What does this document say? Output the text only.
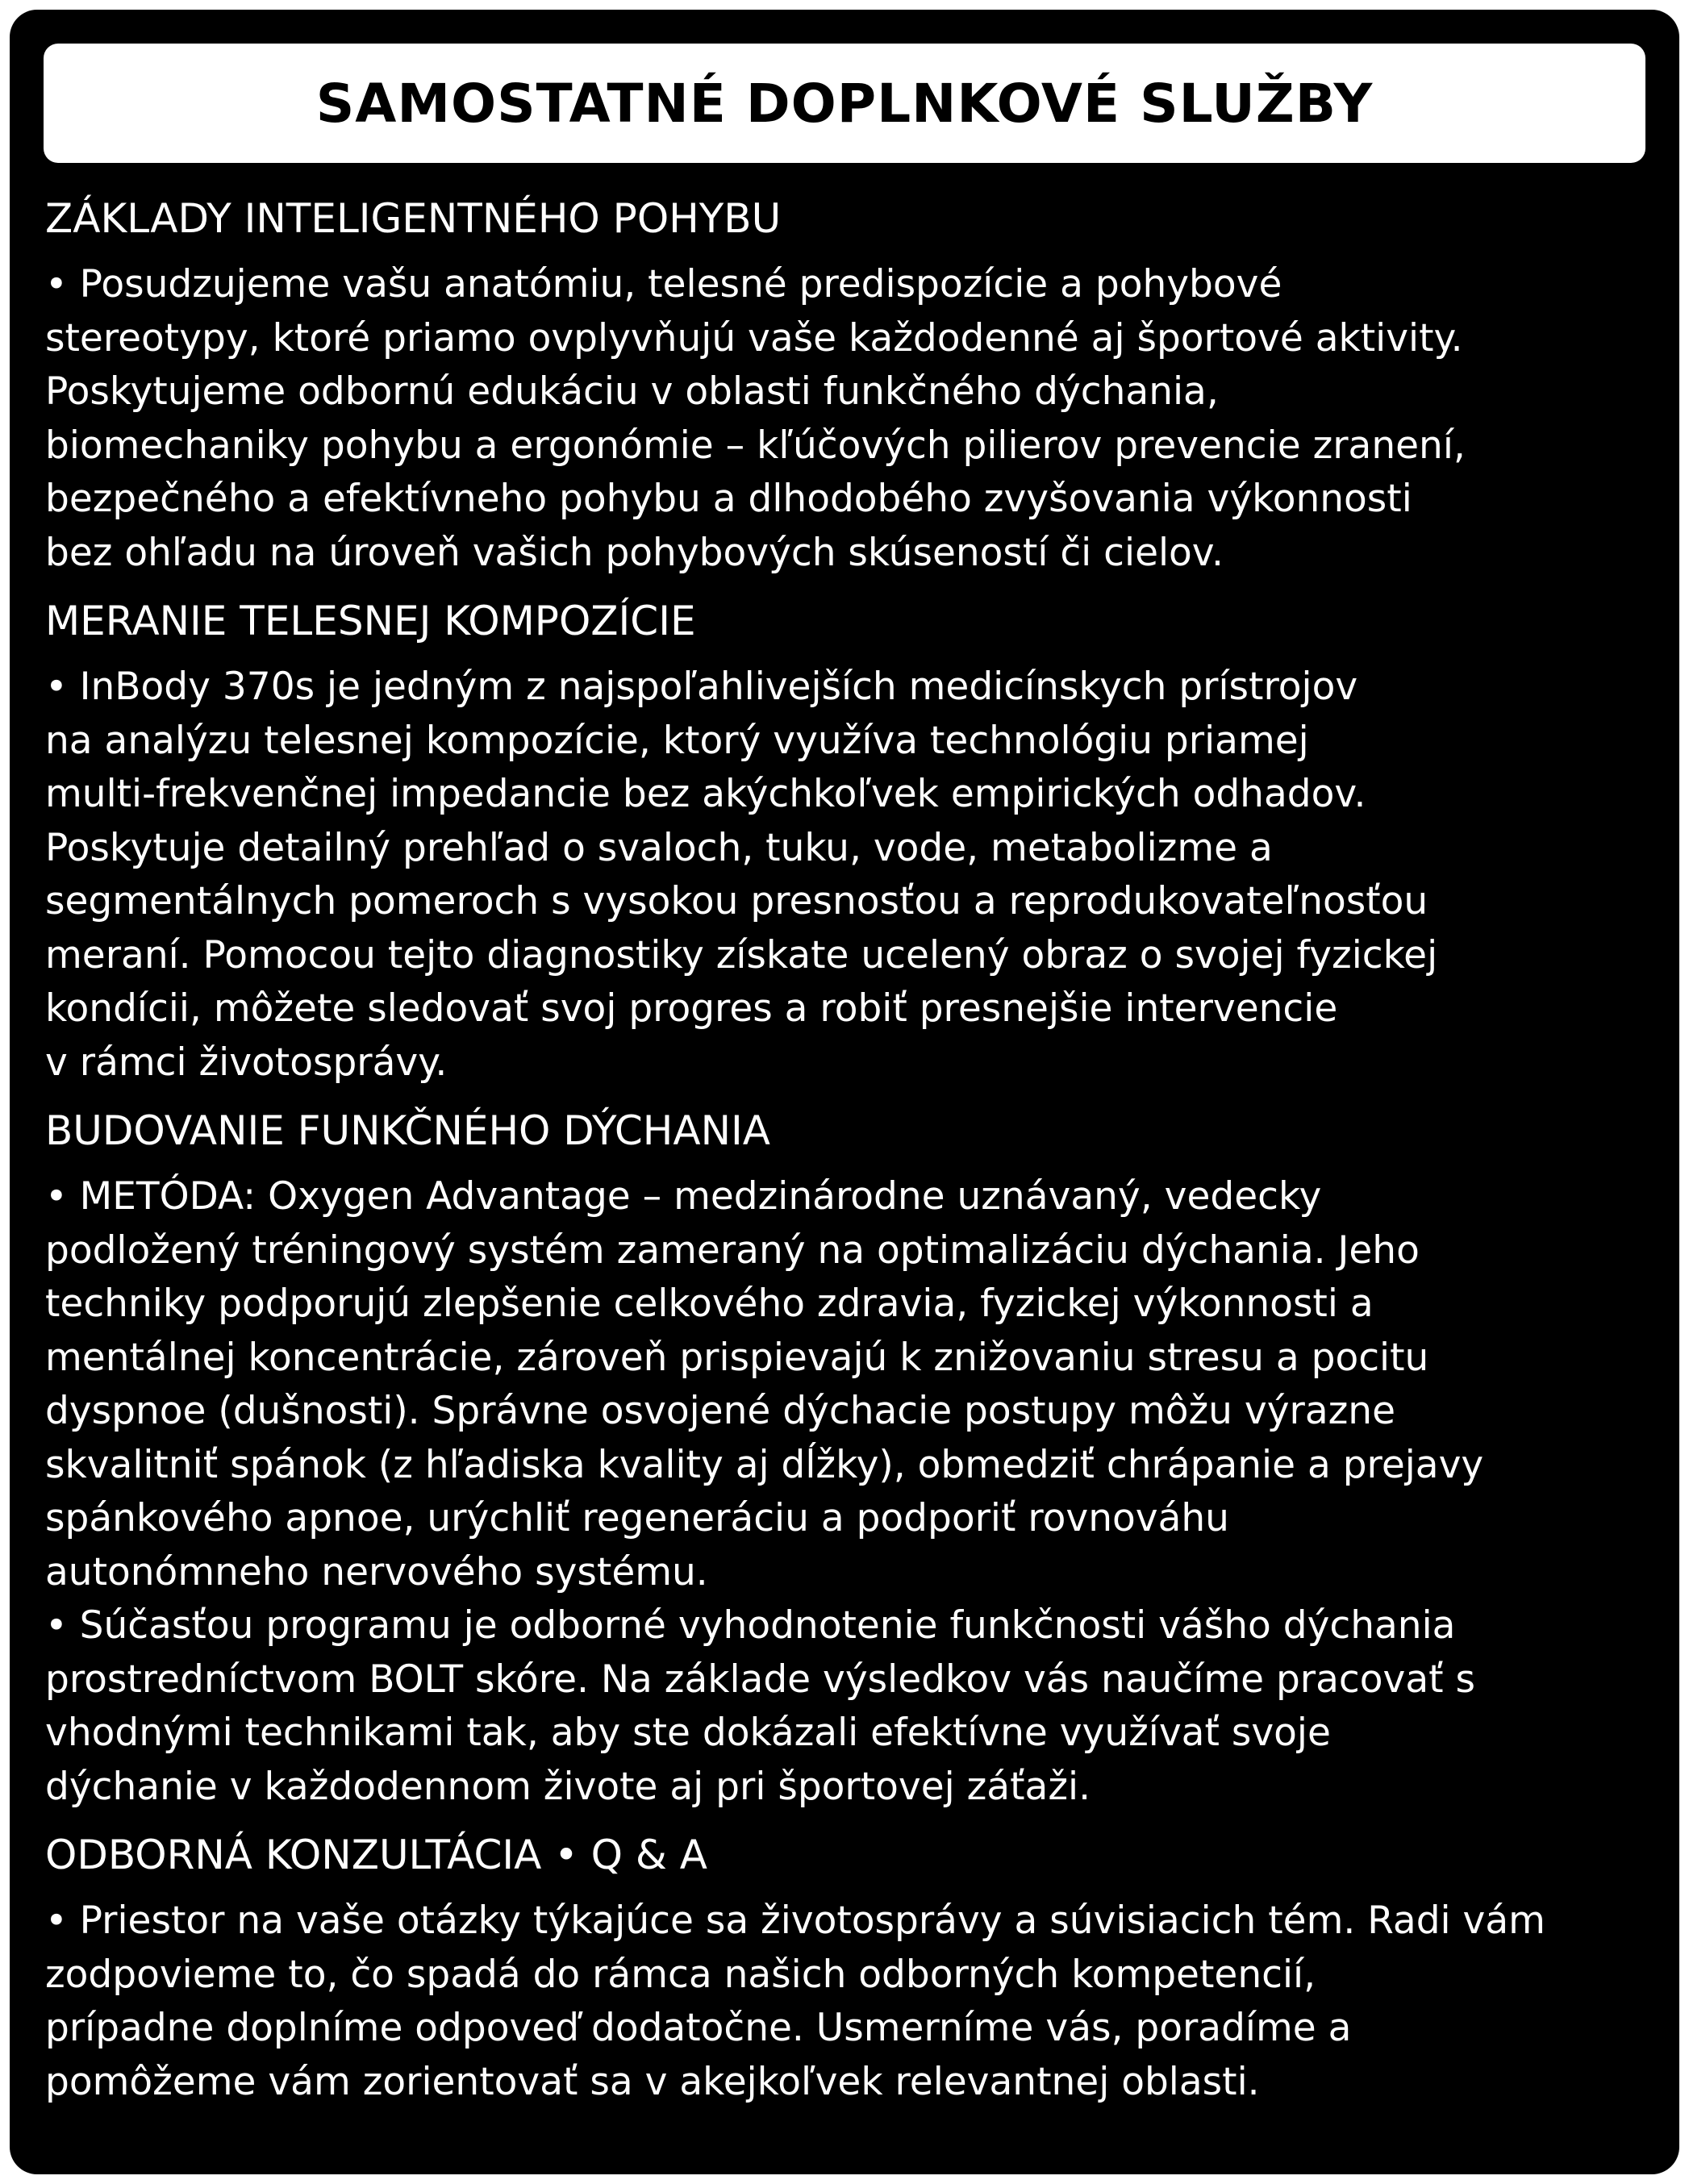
SAMOSTATNÉ DOPLNKOVÉ SLUŽBY

ZÁKLADY INTELIGENTNÉHO POHYBU

• Posudzujeme vašu anatómiu, telesné predispozície a pohybové
stereotypy, ktoré priamo ovplyvňujú vaše každodenné aj športové aktivity.
Poskytujeme odbornú edukáciu v oblasti funkčného dýchania,
biomechaniky pohybu a ergonómie – kľúčových pilierov prevencie zranení,
bezpečného a efektívneho pohybu a dlhodobého zvyšovania výkonnosti
bez ohľadu na úroveň vašich pohybových skúseností či cielov.

MERANIE TELESNEJ KOMPOZÍCIE

• InBody 370s je jedným z najspoľahlivejších medicínskych prístrojov
na analýzu telesnej kompozície, ktorý využíva technológiu priamej
multi-frekvenčnej impedancie bez akýchkoľvek empirických odhadov.
Poskytuje detailný prehľad o svaloch, tuku, vode, metabolizme a
segmentálnych pomeroch s vysokou presnosťou a reprodukovateľnosťou
meraní. Pomocou tejto diagnostiky získate ucelený obraz o svojej fyzickej
kondícii, môžete sledovať svoj progres a robiť presnejšie intervencie
v rámci životosprávy.

BUDOVANIE FUNKČNÉHO DÝCHANIA

• METÓDA: Oxygen Advantage – medzinárodne uznávaný, vedecky
podložený tréningový systém zameraný na optimalizáciu dýchania. Jeho
techniky podporujú zlepšenie celkového zdravia, fyzickej výkonnosti a
mentálnej koncentrácie, zároveň prispievajú k znižovaniu stresu a pocitu
dyspnoe (dušnosti). Správne osvojené dýchacie postupy môžu výrazne
skvalitniť spánok (z hľadiska kvality aj dĺžky), obmedziť chrápanie a prejavy
spánkového apnoe, urýchliť regeneráciu a podporiť rovnováhu
autonómneho nervového systému.

• Súčasťou programu je odborné vyhodnotenie funkčnosti vášho dýchania
prostredníctvom BOLT skóre. Na základe výsledkov vás naučíme pracovať s
vhodnými technikami tak, aby ste dokázali efektívne využívať svoje
dýchanie v každodennom živote aj pri športovej záťaži.

ODBORNÁ KONZULTÁCIA • Q & A

• Priestor na vaše otázky týkajúce sa životosprávy a súvisiacich tém. Radi vám
zodpovieme to, čo spadá do rámca našich odborných kompetencií,
prípadne doplníme odpoveď dodatočne. Usmerníme vás, poradíme a
pomôžeme vám zorientovať sa v akejkoľvek relevantnej oblasti.
